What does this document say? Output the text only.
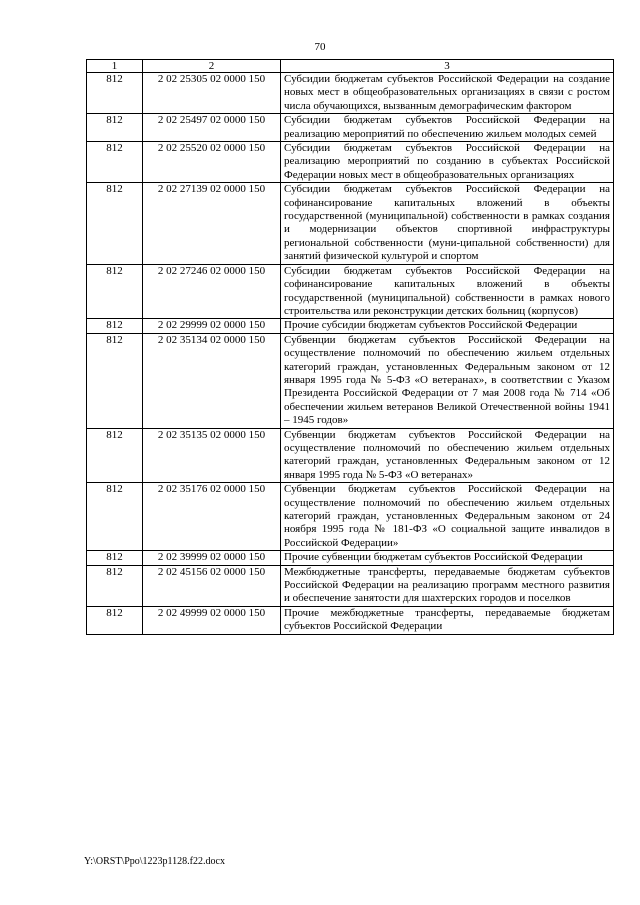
70
1	2	3
812	2 02 25305 02 0000 150	Субсидии бюджетам субъектов Российской Федерации на создание новых мест в общеобразовательных организациях в связи с ростом числа обучающихся, вызванным демографическим фактором
812	2 02 25497 02 0000 150	Субсидии бюджетам субъектов Российской Федерации на реализацию мероприятий по обеспечению жильем молодых семей
812	2 02 25520 02 0000 150	Субсидии бюджетам субъектов Российской Федерации на реализацию мероприятий по созданию в субъектах Российской Федерации новых мест в общеобразовательных организациях
812	2 02 27139 02 0000 150	Субсидии бюджетам субъектов Российской Федерации на софинансирование капитальных вложений в объекты государственной (муниципальной) собственности в рамках создания и модернизации объектов спортивной инфраструктуры региональной собственности (муни-ципальной собственности) для занятий физической культурой и спортом
812	2 02 27246 02 0000 150	Субсидии бюджетам субъектов Российской Федерации на софинансирование капитальных вложений в объекты государственной (муниципальной) собственности в рамках нового строительства или реконструкции детских больниц (корпусов)
812	2 02 29999 02 0000 150	Прочие субсидии бюджетам субъектов Российской Федерации
812	2 02 35134 02 0000 150	Субвенции бюджетам субъектов Российской Федерации на осуществление полномочий по обеспечению жильем отдельных категорий граждан, установленных Федеральным законом от 12 января 1995 года № 5-ФЗ «О ветеранах», в соответствии с Указом Президента Российской Федерации от 7 мая 2008 года № 714 «Об обеспечении жильем ветеранов Великой Отечественной войны 1941 – 1945 годов»
812	2 02 35135 02 0000 150	Субвенции бюджетам субъектов Российской Федерации на осуществление полномочий по обеспечению жильем отдельных категорий граждан, установленных Федеральным законом от 12 января 1995 года № 5-ФЗ «О ветеранах»
812	2 02 35176 02 0000 150	Субвенции бюджетам субъектов Российской Федерации на осуществление полномочий по обеспечению жильем отдельных категорий граждан, установленных Федеральным законом от 24 ноября 1995 года № 181-ФЗ «О социальной защите инвалидов в Российской Федерации»
812	2 02 39999 02 0000 150	Прочие субвенции бюджетам субъектов Российской Федерации
812	2 02 45156 02 0000 150	Межбюджетные трансферты, передаваемые бюджетам субъектов Российской Федерации на реализацию программ местного развития и обеспечение занятости для шахтерских городов и поселков
812	2 02 49999 02 0000 150	Прочие межбюджетные трансферты, передаваемые бюджетам субъектов Российской Федерации
Y:\ORST\Ppo\1223p1128.f22.docx
